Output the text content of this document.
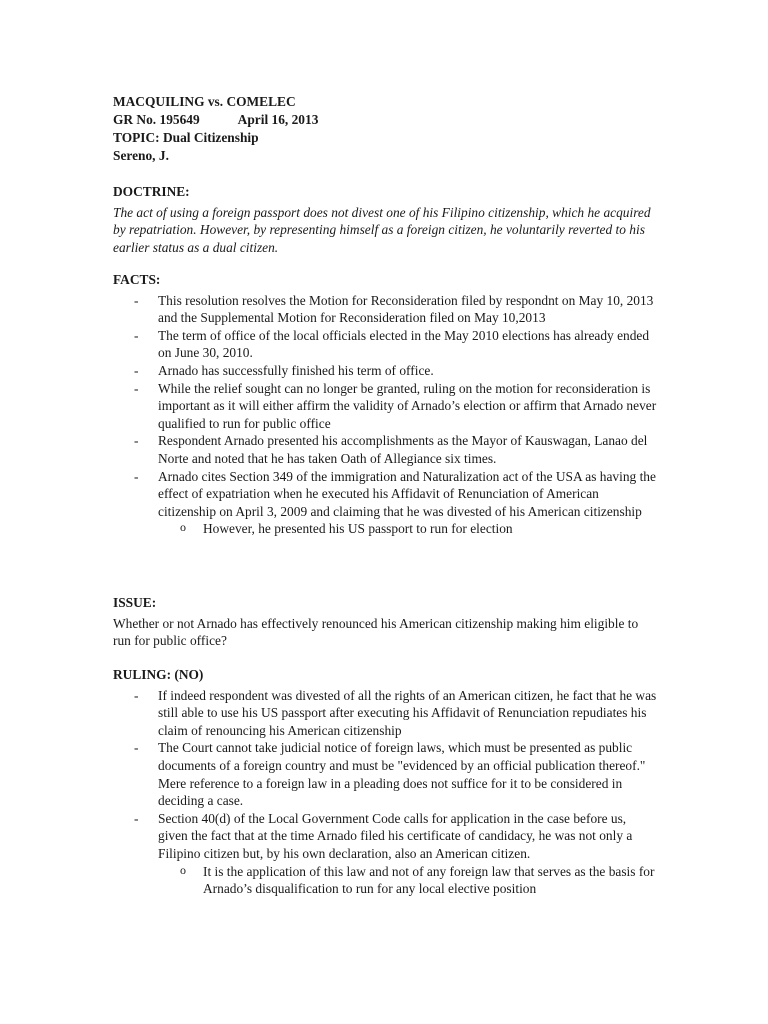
MACQUILING vs. COMELEC
GR No. 195649	April 16, 2013
TOPIC: Dual Citizenship
Sereno, J.
DOCTRINE:
The act of using a foreign passport does not divest one of his Filipino citizenship, which he acquired by repatriation. However, by representing himself as a foreign citizen, he voluntarily reverted to his earlier status as a dual citizen.
FACTS:
- This resolution resolves the Motion for Reconsideration filed by respondnt on May 10, 2013 and the Supplemental Motion for Reconsideration filed on May 10,2013
- The term of office of the local officials elected in the May 2010 elections has already ended on June 30, 2010.
- Arnado has successfully finished his term of office.
- While the relief sought can no longer be granted, ruling on the motion for reconsideration is important as it will either affirm the validity of Arnado’s election or affirm that Arnado never qualified to run for public office
- Respondent Arnado presented his accomplishments as the Mayor of Kauswagan, Lanao del Norte and noted that he has taken Oath of Allegiance six times.
- Arnado cites Section 349 of the immigration and Naturalization act of the USA as having the effect of expatriation when he executed his Affidavit of Renunciation of American citizenship on April 3, 2009 and claiming that he was divested of his American citizenship
o However, he presented his US passport to run for election
ISSUE:
Whether or not Arnado has effectively renounced his American citizenship making him eligible to run for public office?
RULING: (NO)
- If indeed respondent was divested of all the rights of an American citizen, he fact that he was still able to use his US passport after executing his Affidavit of Renunciation repudiates his claim of renouncing his American citizenship
- The Court cannot take judicial notice of foreign laws, which must be presented as public documents of a foreign country and must be "evidenced by an official publication thereof." Mere reference to a foreign law in a pleading does not suffice for it to be considered in deciding a case.
- Section 40(d) of the Local Government Code calls for application in the case before us, given the fact that at the time Arnado filed his certificate of candidacy, he was not only a Filipino citizen but, by his own declaration, also an American citizen.
o It is the application of this law and not of any foreign law that serves as the basis for Arnado’s disqualification to run for any local elective position
